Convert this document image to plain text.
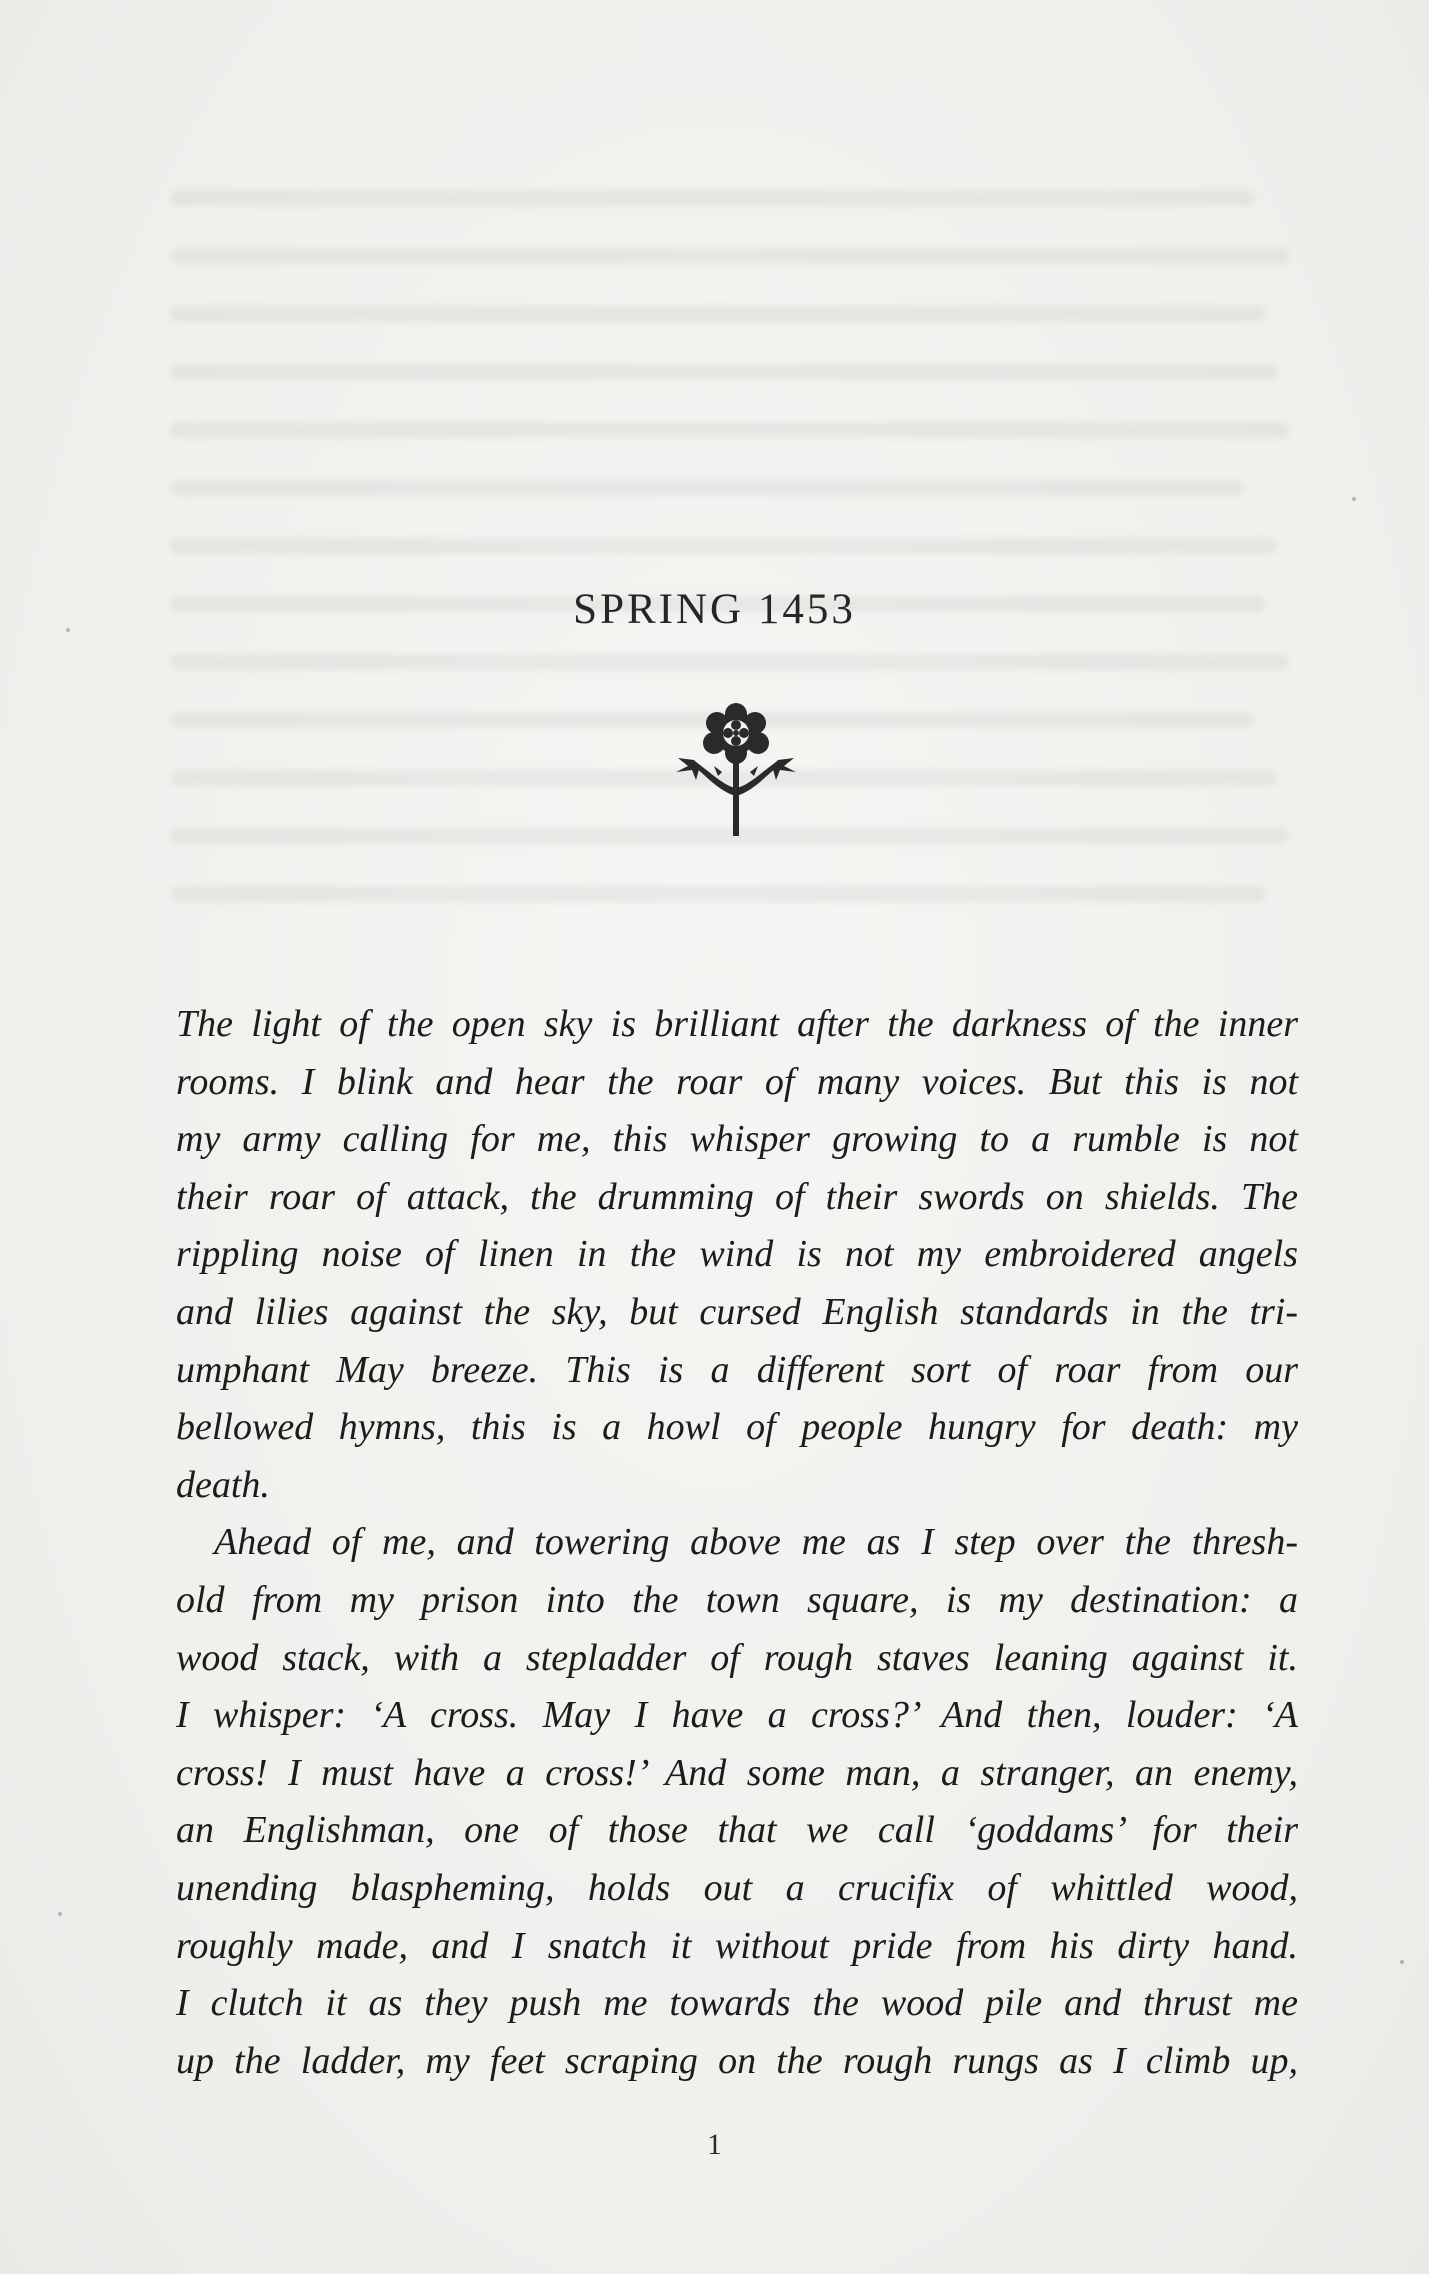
SPRING 1453
The light of the open sky is brilliant after the darkness of the inner
rooms. I blink and hear the roar of many voices. But this is not
my army calling for me, this whisper growing to a rumble is not
their roar of attack, the drumming of their swords on shields. The
rippling noise of linen in the wind is not my embroidered angels
and lilies against the sky, but cursed English standards in the tri-
umphant May breeze. This is a different sort of roar from our
bellowed hymns, this is a howl of people hungry for death: my
death.
Ahead of me, and towering above me as I step over the thresh-
old from my prison into the town square, is my destination: a
wood stack, with a stepladder of rough staves leaning against it.
I whisper: ‘A cross. May I have a cross?’ And then, louder: ‘A
cross! I must have a cross!’ And some man, a stranger, an enemy,
an Englishman, one of those that we call ‘goddams’ for their
unending blaspheming, holds out a crucifix of whittled wood,
roughly made, and I snatch it without pride from his dirty hand.
I clutch it as they push me towards the wood pile and thrust me
up the ladder, my feet scraping on the rough rungs as I climb up,
1
